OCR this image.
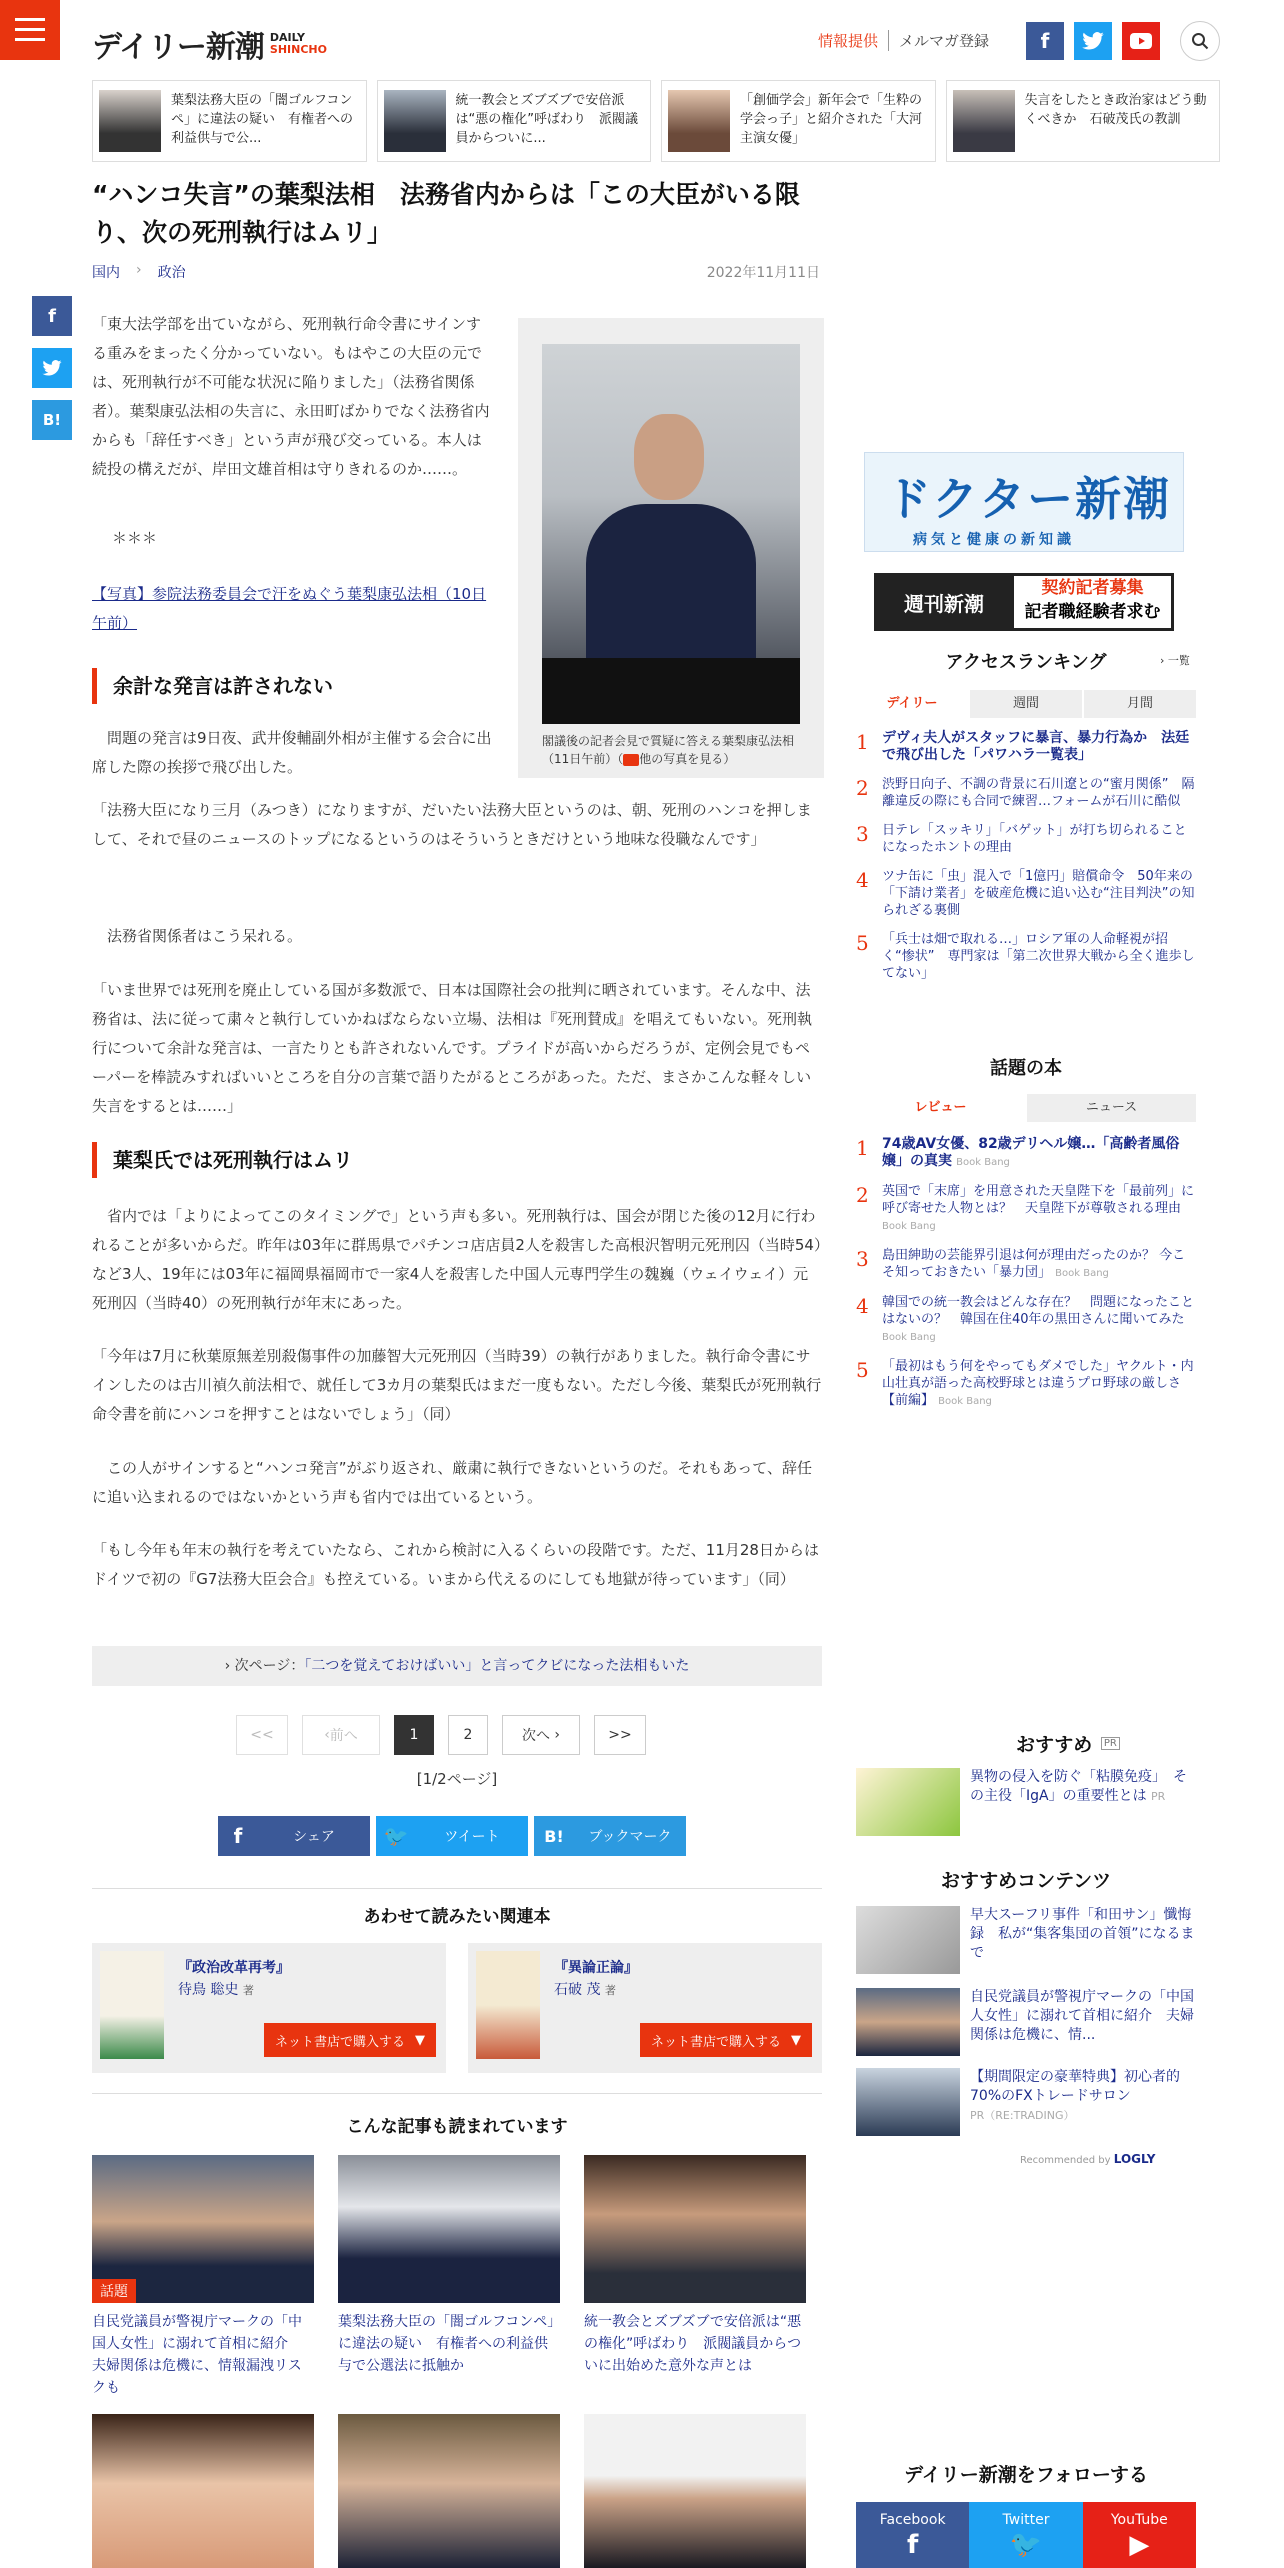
デイリー新潮 DAILY
SHINCHO	情報提供	メルマガ登録	f
葉梨法務大臣の「闇ゴルフコンペ」に違法の疑い　有権者への利益供与で公...
統一教会とズブズブで安倍派は“悪の権化”呼ばわり　派閥議員からついに...
「創価学会」新年会で「生粋の学会っ子」と紹介された「大河主演女優」
失言をしたとき政治家はどう動くべきか　石破茂氏の教訓
“ハンコ失言”の葉梨法相　法務省内からは「この大臣がいる限り、次の死刑執行はムリ」
国内 › 政治	2022年11月11日
f
B!
閣議後の記者会見で質疑に答える葉梨康弘法相（11日午前）（ 他の写真を見る）

「東大法学部を出ていながら、死刑執行命令書にサインする重みをまったく分かっていない。もはやこの大臣の元では、死刑執行が不可能な状況に陥りました」（法務省関係者）。葉梨康弘法相の失言に、永田町ばかりでなく法務省内からも「辞任すべき」という声が飛び交っている。本人は続投の構えだが、岸田文雄首相は守りきれるのか……。

＊＊＊

【写真】参院法務委員会で汗をぬぐう葉梨康弘法相（10日午前）

余計な発言は許されない

　問題の発言は9日夜、武井俊輔副外相が主催する会合に出席した際の挨拶で飛び出した。

「法務大臣になり三月（みつき）になりますが、だいたい法務大臣というのは、朝、死刑のハンコを押しまして、それで昼のニュースのトップになるというのはそういうときだけという地味な役職なんです」

　法務省関係者はこう呆れる。

「いま世界では死刑を廃止している国が多数派で、日本は国際社会の批判に晒されています。そんな中、法務省は、法に従って粛々と執行していかねばならない立場、法相は『死刑賛成』を唱えてもいない。死刑執行について余計な発言は、一言たりとも許されないんです。プライドが高いからだろうが、定例会見でもペーパーを棒読みすればいいところを自分の言葉で語りたがるところがあった。ただ、まさかこんな軽々しい失言をするとは……」

葉梨氏では死刑執行はムリ

　省内では「よりによってこのタイミングで」という声も多い。死刑執行は、国会が閉じた後の12月に行われることが多いからだ。昨年は03年に群馬県でパチンコ店店員2人を殺害した高根沢智明元死刑囚（当時54）など3人、19年には03年に福岡県福岡市で一家4人を殺害した中国人元専門学生の魏巍（ウェイウェイ）元死刑囚（当時40）の死刑執行が年末にあった。

「今年は7月に秋葉原無差別殺傷事件の加藤智大元死刑囚（当時39）の執行がありました。執行命令書にサインしたのは古川禎久前法相で、就任して3カ月の葉梨氏はまだ一度もない。ただし今後、葉梨氏が死刑執行命令書を前にハンコを押すことはないでしょう」（同）

　この人がサインすると“ハンコ発言”がぶり返され、厳粛に執行できないというのだ。それもあって、辞任に追い込まれるのではないかという声も省内では出ているという。

「もし今年も年末の執行を考えていたなら、これから検討に入るくらいの段階です。ただ、11月28日からはドイツで初の『G7法務大臣会合』も控えている。いまから代えるのにしても地獄が待っています」（同）

› 次ページ：「二つを覚えておけばいい」と言ってクビになった法相もいた
<<	‹ 前へ	1	2	次へ ›	>>
[1/2ページ]
f	シェア	🐦	ツイート	B!	ブックマーク
あわせて読みたい関連本
『政治改革再考』
待鳥 聡史 著
ネット書店で購入する ▼
『異論正論』
石破 茂 著
ネット書店で購入する ▼
こんな記事も読まれています
話題
自民党議員が警視庁マークの「中国人女性」に溺れて首相に紹介　夫婦関係は危機に、情報漏洩リスクも
葉梨法務大臣の「闇ゴルフコンペ」に違法の疑い　有権者への利益供与で公選法に抵触か
統一教会とズブズブで安倍派は“悪の権化”呼ばわり　派閥議員からついに出始めた意外な声とは
ドクター新潮
病気と健康の新知識
週刊新潮
契約記者募集
記者職経験者求む
アクセスランキング	› 一覧
デイリー	週間	月間
1 デヴィ夫人がスタッフに暴言、暴力行為か　法廷で飛び出した「パワハラ一覧表」
2 渋野日向子、不調の背景に石川遼との“蜜月関係”　隔離違反の際にも合同で練習…フォームが石川に酷似
3 日テレ「スッキリ」「バゲット」が打ち切られることになったホントの理由
4 ツナ缶に「虫」混入で「1億円」賠償命令　50年来の「下請け業者」を破産危機に追い込む“注目判決”の知られざる裏側
5 「兵士は畑で取れる…」ロシア軍の人命軽視が招く“惨状”　専門家は「第二次世界大戦から全く進歩してない」
話題の本
レビュー	ニュース
1 74歳AV女優、82歳デリヘル嬢…「高齢者風俗嬢」の真実 Book Bang
2 英国で「末席」を用意された天皇陛下を「最前列」に呼び寄せた人物とは？　天皇陛下が尊敬される理由 Book Bang
3 島田紳助の芸能界引退は何が理由だったのか？ 今こそ知っておきたい「暴力団」 Book Bang
4 韓国での統一教会はどんな存在？　問題になったことはないの？　韓国在住40年の黒田さんに聞いてみた Book Bang
5 「最初はもう何をやってもダメでした」ヤクルト・内山壮真が語った高校野球とは違うプロ野球の厳しさ【前編】 Book Bang
おすすめ PR
異物の侵入を防ぐ「粘膜免疫」　その主役「IgA」の重要性とは PR
おすすめコンテンツ
早大スーフリ事件「和田サン」懺悔録　私が“集客集団の首領”になるまで
自民党議員が警視庁マークの「中国人女性」に溺れて首相に紹介　夫婦関係は危機に、情...
【期間限定の豪華特典】初心者的70%のFXトレードサロン
PR（RE:TRADING）
Recommended by LOGLY
デイリー新潮をフォローする
Facebook
f
Twitter
🐦
YouTube
▶
